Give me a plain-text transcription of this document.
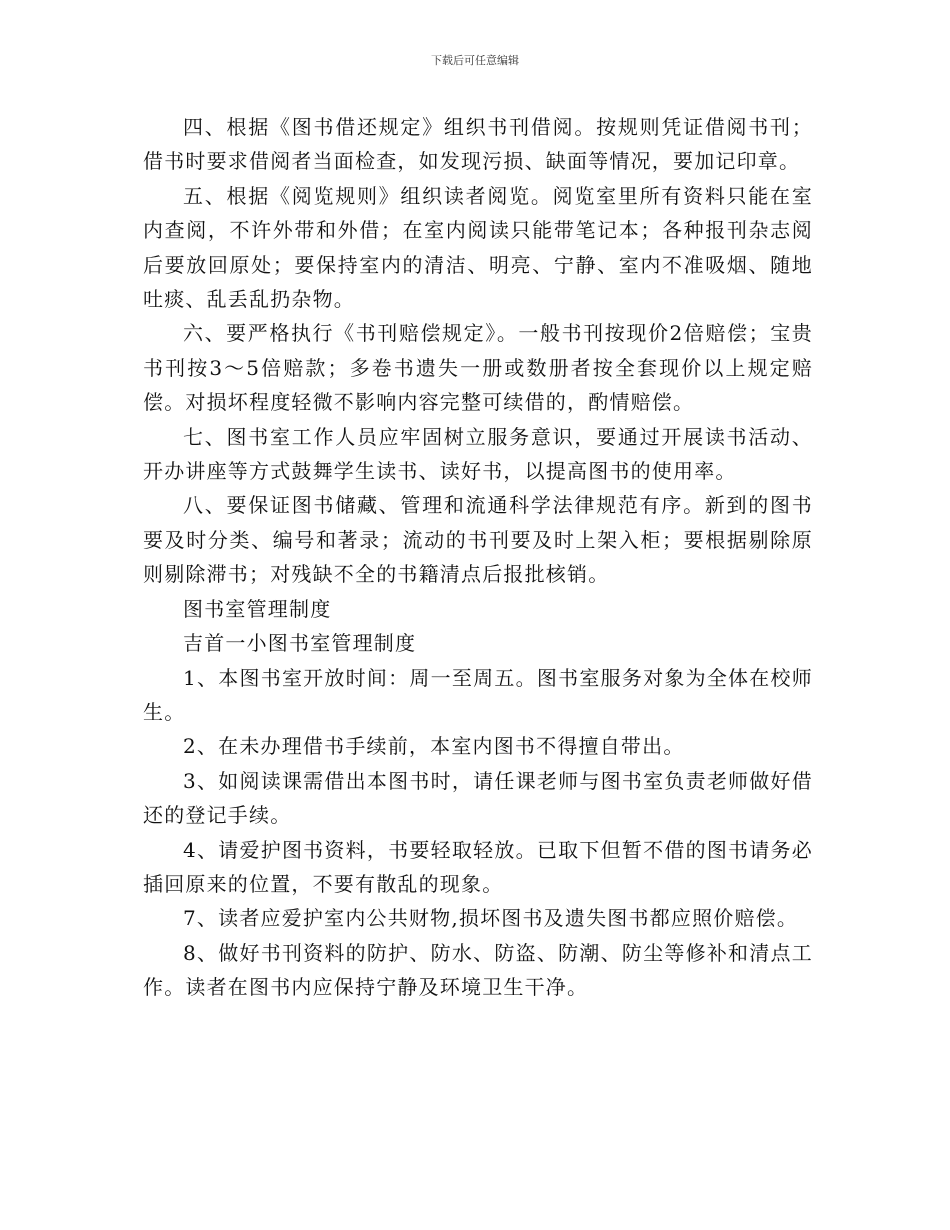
下载后可任意编辑

四、根据《图书借还规定》组织书刊借阅。按规则凭证借阅书刊；借书时要求借阅者当面检查，如发现污损、缺面等情况，要加记印章。

五、根据《阅览规则》组织读者阅览。阅览室里所有资料只能在室内查阅，不许外带和外借；在室内阅读只能带笔记本；各种报刊杂志阅后要放回原处；要保持室内的清洁、明亮、宁静、室内不准吸烟、随地吐痰、乱丢乱扔杂物。

六、要严格执行《书刊赔偿规定》。一般书刊按现价2倍赔偿；宝贵书刊按3～5倍赔款；多卷书遗失一册或数册者按全套现价以上规定赔偿。对损坏程度轻微不影响内容完整可续借的，酌情赔偿。

七、图书室工作人员应牢固树立服务意识，要通过开展读书活动、开办讲座等方式鼓舞学生读书、读好书，以提高图书的使用率。

八、要保证图书储藏、管理和流通科学法律规范有序。新到的图书要及时分类、编号和著录；流动的书刊要及时上架入柜；要根据剔除原则剔除滞书；对残缺不全的书籍清点后报批核销。

图书室管理制度

吉首一小图书室管理制度

1、本图书室开放时间：周一至周五。图书室服务对象为全体在校师生。

2、在未办理借书手续前，本室内图书不得擅自带出。

3、如阅读课需借出本图书时，请任课老师与图书室负责老师做好借还的登记手续。

4、请爱护图书资料，书要轻取轻放。已取下但暂不借的图书请务必插回原来的位置，不要有散乱的现象。

7、读者应爱护室内公共财物,损坏图书及遗失图书都应照价赔偿。

8、做好书刊资料的防护、防水、防盗、防潮、防尘等修补和清点工作。读者在图书内应保持宁静及环境卫生干净。
